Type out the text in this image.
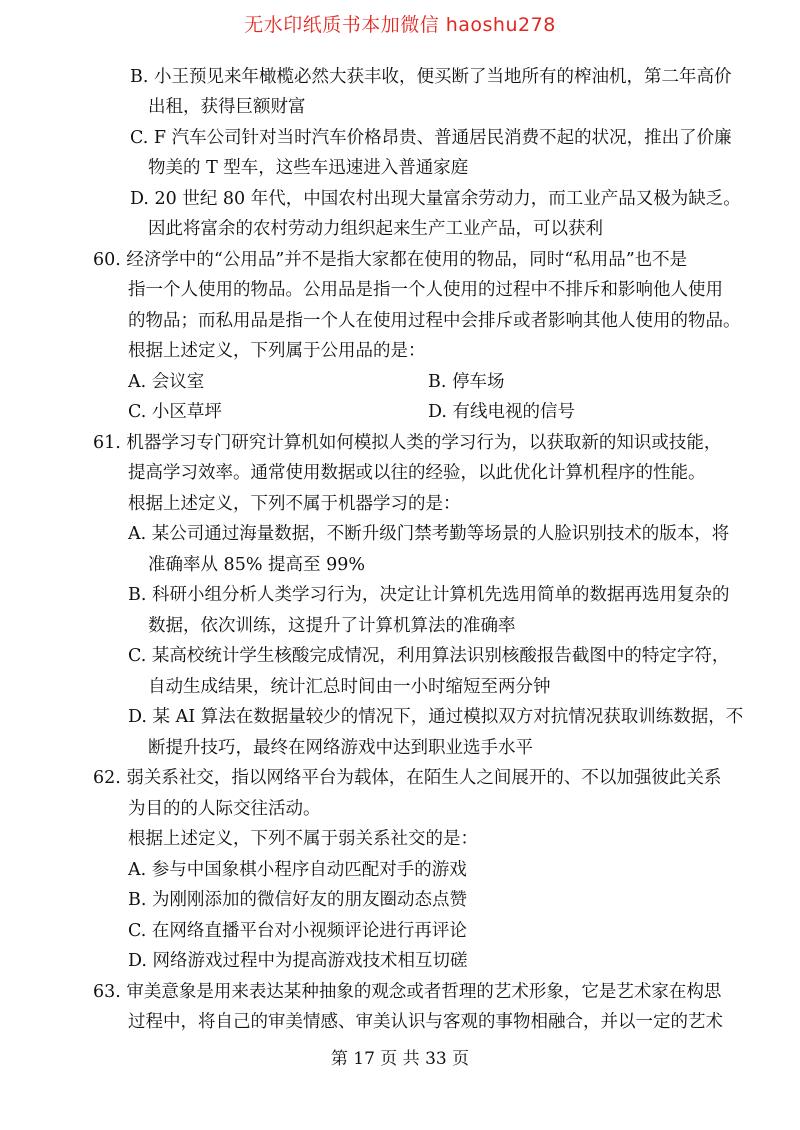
无水印纸质书本加微信 haoshu278
B. 小王预见来年橄榄必然大获丰收，便买断了当地所有的榨油机，第二年高价
出租，获得巨额财富
C. F 汽车公司针对当时汽车价格昂贵、普通居民消费不起的状况，推出了价廉
物美的 T 型车，这些车迅速进入普通家庭
D. 20 世纪 80 年代，中国农村出现大量富余劳动力，而工业产品又极为缺乏。
因此将富余的农村劳动力组织起来生产工业产品，可以获利
60. 经济学中的“公用品”并不是指大家都在使用的物品，同时“私用品”也不是
指一个人使用的物品。公用品是指一个人使用的过程中不排斥和影响他人使用
的物品；而私用品是指一个人在使用过程中会排斥或者影响其他人使用的物品。
根据上述定义，下列属于公用品的是：
A. 会议室	B. 停车场
C. 小区草坪	D. 有线电视的信号
61. 机器学习专门研究计算机如何模拟人类的学习行为，以获取新的知识或技能，
提高学习效率。通常使用数据或以往的经验，以此优化计算机程序的性能。
根据上述定义，下列不属于机器学习的是：
A. 某公司通过海量数据，不断升级门禁考勤等场景的人脸识别技术的版本，将
准确率从 85% 提高至 99%
B. 科研小组分析人类学习行为，决定让计算机先选用简单的数据再选用复杂的
数据，依次训练，这提升了计算机算法的准确率
C. 某高校统计学生核酸完成情况，利用算法识别核酸报告截图中的特定字符，
自动生成结果，统计汇总时间由一小时缩短至两分钟
D. 某 AI 算法在数据量较少的情况下，通过模拟双方对抗情况获取训练数据，不
断提升技巧，最终在网络游戏中达到职业选手水平
62. 弱关系社交，指以网络平台为载体，在陌生人之间展开的、不以加强彼此关系
为目的的人际交往活动。
根据上述定义，下列不属于弱关系社交的是：
A. 参与中国象棋小程序自动匹配对手的游戏
B. 为刚刚添加的微信好友的朋友圈动态点赞
C. 在网络直播平台对小视频评论进行再评论
D. 网络游戏过程中为提高游戏技术相互切磋
63. 审美意象是用来表达某种抽象的观念或者哲理的艺术形象，它是艺术家在构思
过程中，将自己的审美情感、审美认识与客观的事物相融合，并以一定的艺术
第 17 页 共 33 页
